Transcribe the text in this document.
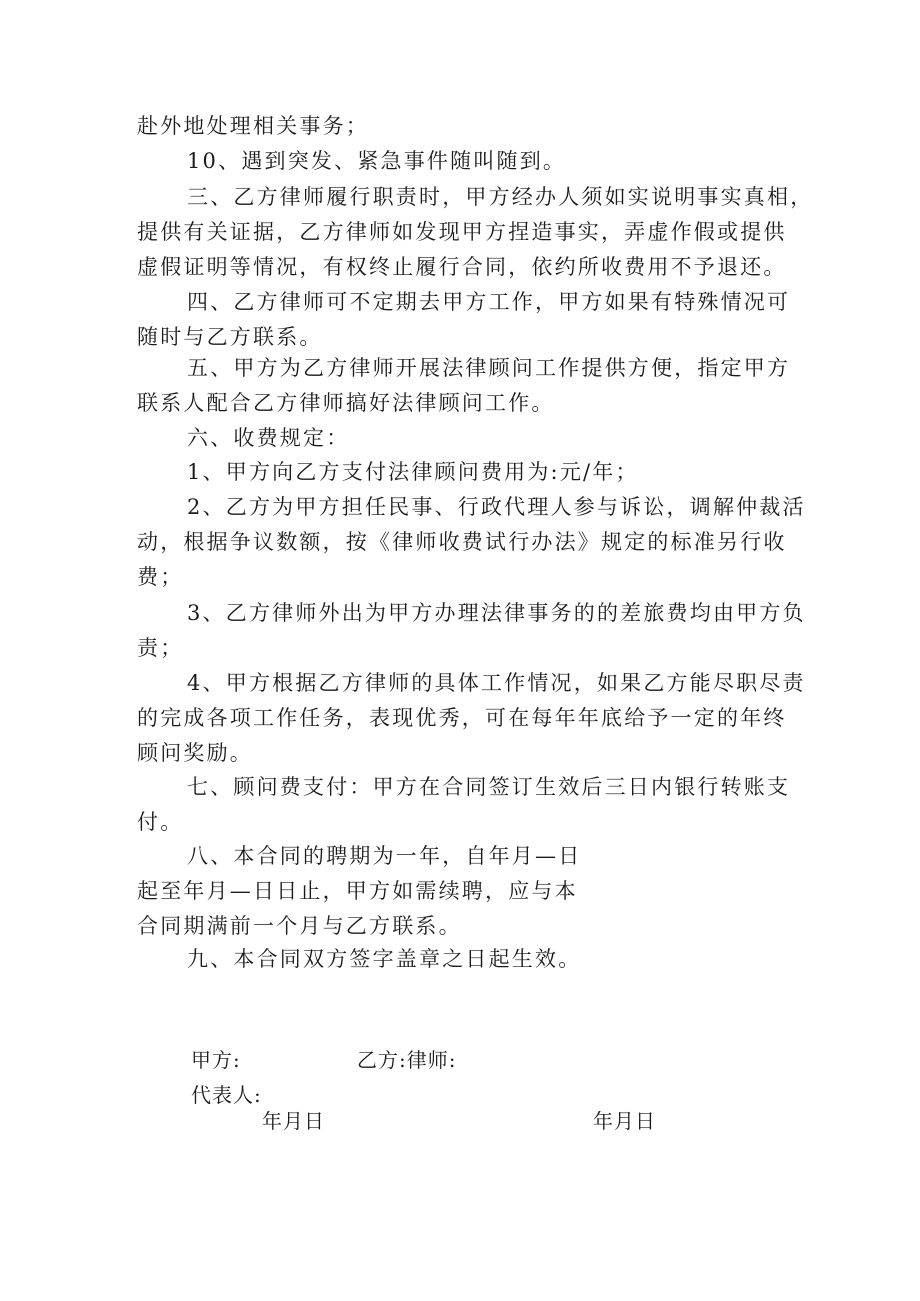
赴外地处理相关事务；
10、遇到突发、紧急事件随叫随到。
三、乙方律师履行职责时，甲方经办人须如实说明事实真相，
提供有关证据，乙方律师如发现甲方捏造事实，弄虚作假或提供
虚假证明等情况，有权终止履行合同，依约所收费用不予退还。
四、乙方律师可不定期去甲方工作，甲方如果有特殊情况可
随时与乙方联系。
五、甲方为乙方律师开展法律顾问工作提供方便，指定甲方
联系人配合乙方律师搞好法律顾问工作。
六、收费规定：
1、甲方向乙方支付法律顾问费用为:元/年；
2、乙方为甲方担任民事、行政代理人参与诉讼，调解仲裁活
动，根据争议数额，按《律师收费试行办法》规定的标准另行收
费；
3、乙方律师外出为甲方办理法律事务的的差旅费均由甲方负
责；
4、甲方根据乙方律师的具体工作情况，如果乙方能尽职尽责
的完成各项工作任务，表现优秀，可在每年年底给予一定的年终
顾问奖励。
七、顾问费支付：甲方在合同签订生效后三日内银行转账支
付。
八、本合同的聘期为一年，自年月—日
起至年月—日日止，甲方如需续聘，应与本
合同期满前一个月与乙方联系。
九、本合同双方签字盖章之日起生效。
甲方:	乙方:律师:
代表人:
年月日	年月日
